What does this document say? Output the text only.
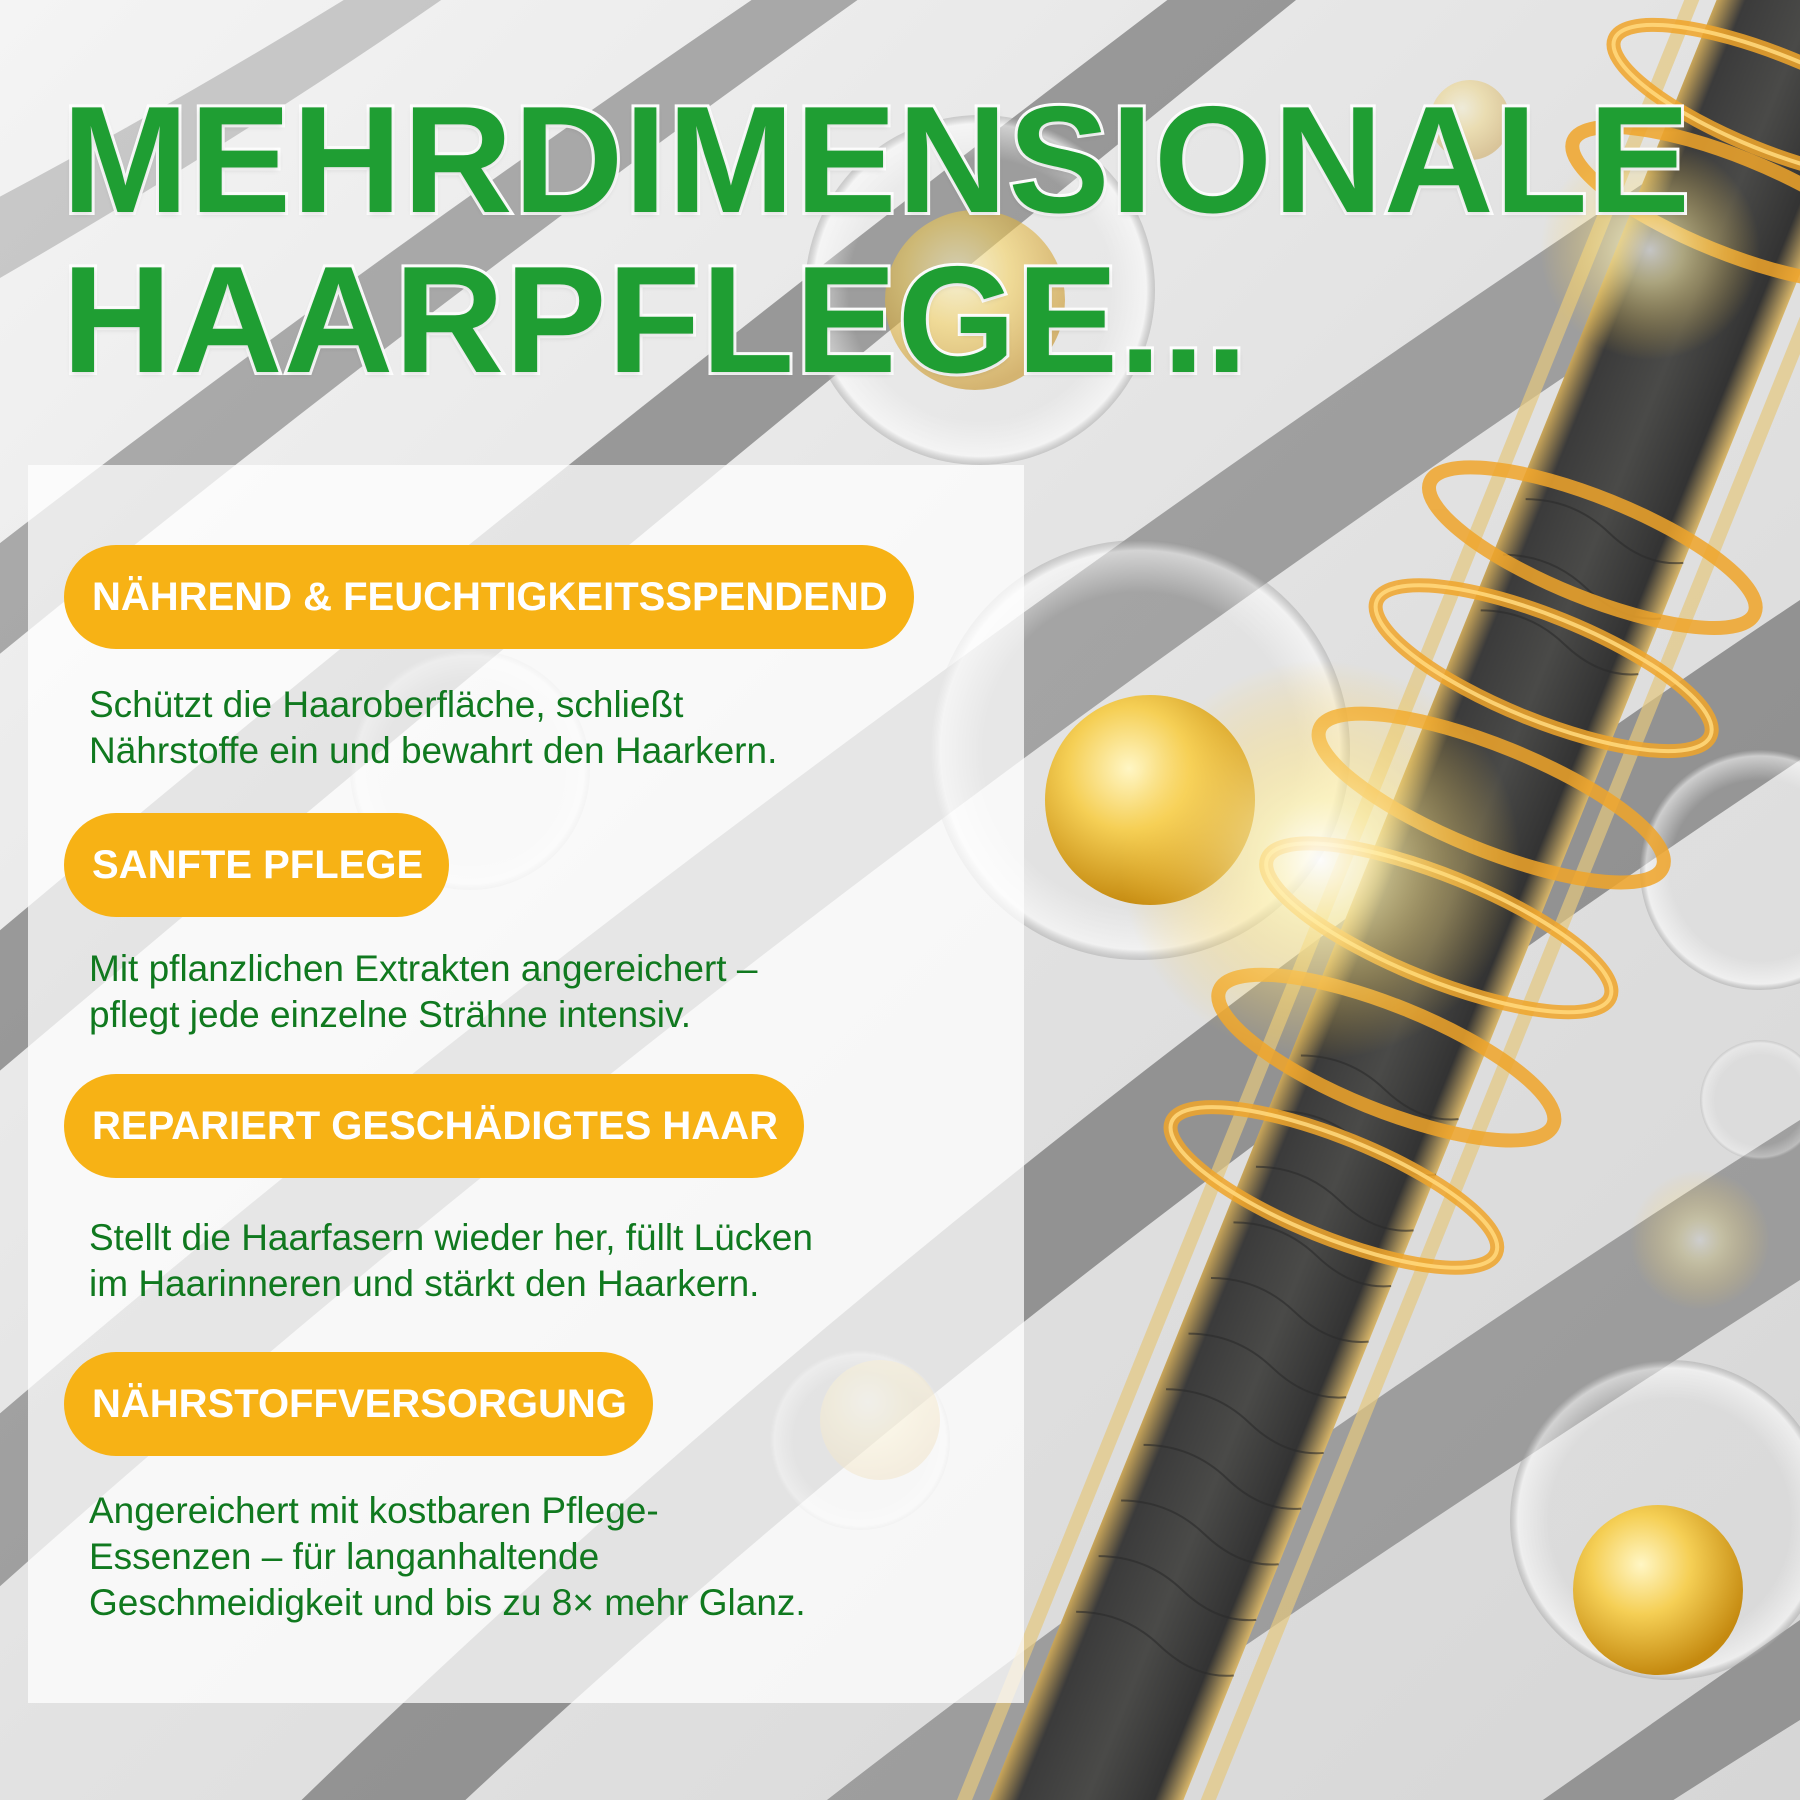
MEHRDIMENSIONALE
HAARPFLEGE...
NÄHREND & FEUCHTIGKEITSSPENDEND

Schützt die Haaroberfläche, schließt
Nährstoffe ein und bewahrt den Haarkern.

SANFTE PFLEGE

Mit pflanzlichen Extrakten angereichert –
pflegt jede einzelne Strähne intensiv.

REPARIERT GESCHÄDIGTES HAAR

Stellt die Haarfasern wieder her, füllt Lücken
im Haarinneren und stärkt den Haarkern.

NÄHRSTOFFVERSORGUNG

Angereichert mit kostbaren Pflege-
Essenzen – für langanhaltende
Geschmeidigkeit und bis zu 8× mehr Glanz.
